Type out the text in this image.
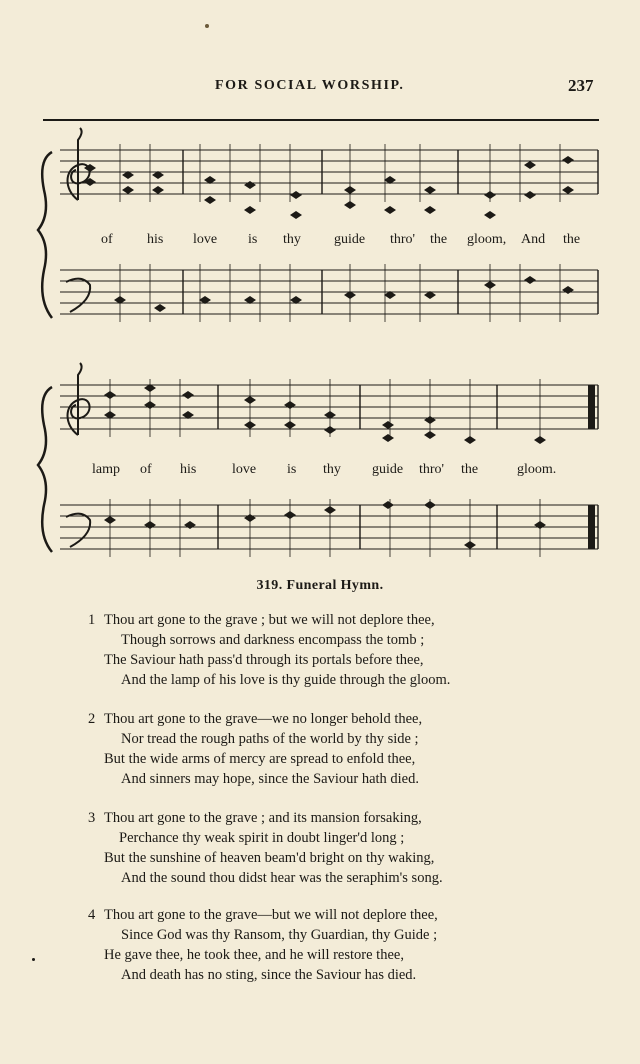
FOR SOCIAL WORSHIP.	237
of his love is thy guide thro' the gloom, And the
lamp of his	love is thy guide thro' the	gloom.
319. Funeral Hymn.
1 Thou art gone to the grave ; but we will not deplore thee,
Though sorrows and darkness encompass the tomb ;
The Saviour hath pass'd through its portals before thee,
And the lamp of his love is thy guide through the gloom.
2 Thou art gone to the grave—we no longer behold thee,
Nor tread the rough paths of the world by thy side ;
But the wide arms of mercy are spread to enfold thee,
And sinners may hope, since the Saviour hath died.
3 Thou art gone to the grave ; and its mansion forsaking,
Perchance thy weak spirit in doubt linger'd long ;
But the sunshine of heaven beam'd bright on thy waking,
And the sound thou didst hear was the seraphim's song.
4 Thou art gone to the grave—but we will not deplore thee,
Since God was thy Ransom, thy Guardian, thy Guide ;
He gave thee, he took thee, and he will restore thee,
And death has no sting, since the Saviour has died.
